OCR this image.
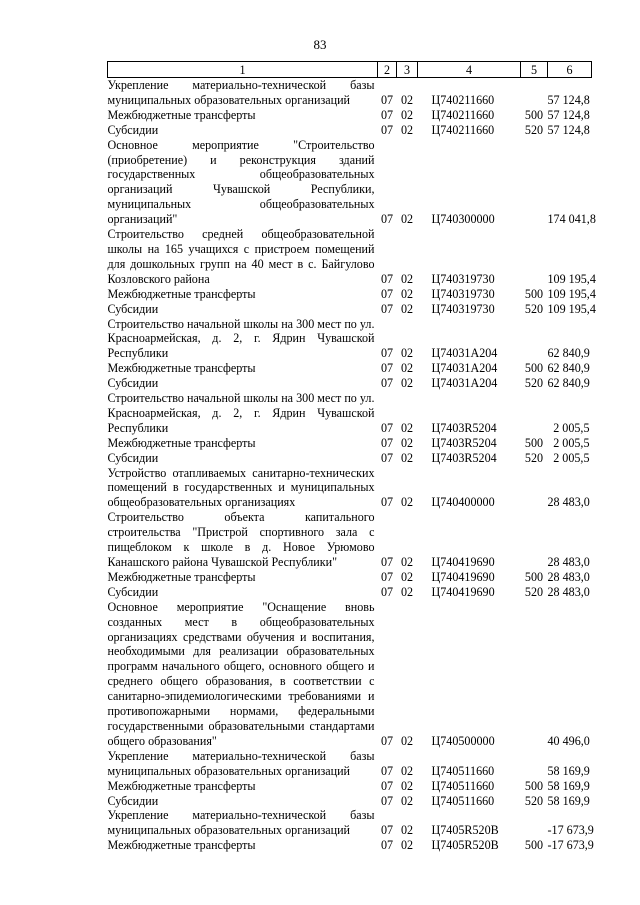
83
1	2	3	4	5	6
Укрепление материально-технической базы муниципальных образовательных организаций	07	02	Ц740211660		57 124,8
Межбюджетные трансферты	07	02	Ц740211660	500	57 124,8
Субсидии	07	02	Ц740211660	520	57 124,8
Основное мероприятие "Строительство (приобретение) и реконструкция зданий государственных общеобразовательных организаций Чувашской Республики, муниципальных общеобразовательных организаций"	07	02	Ц740300000		174 041,8
Строительство средней общеобразовательной школы на 165 учащихся с пристроем помещений для дошкольных групп на 40 мест в с. Байгулово Козловского района	07	02	Ц740319730		109 195,4
Межбюджетные трансферты	07	02	Ц740319730	500	109 195,4
Субсидии	07	02	Ц740319730	520	109 195,4
Строительство начальной школы на 300 мест по ул. Красноармейская, д. 2, г. Ядрин Чувашской Республики	07	02	Ц74031А204		62 840,9
Межбюджетные трансферты	07	02	Ц74031А204	500	62 840,9
Субсидии	07	02	Ц74031А204	520	62 840,9
Строительство начальной школы на 300 мест по ул. Красноармейская, д. 2, г. Ядрин Чувашской Республики	07	02	Ц7403R5204		2 005,5
Межбюджетные трансферты	07	02	Ц7403R5204	500	2 005,5
Субсидии	07	02	Ц7403R5204	520	2 005,5
Устройство отапливаемых санитарно-технических помещений в государственных и муниципальных общеобразовательных организациях	07	02	Ц740400000		28 483,0
Строительство объекта капитального строительства "Пристрой спортивного зала с пищеблоком к школе в д. Новое Урюмово Канашского района Чувашской Республики"	07	02	Ц740419690		28 483,0
Межбюджетные трансферты	07	02	Ц740419690	500	28 483,0
Субсидии	07	02	Ц740419690	520	28 483,0
Основное мероприятие "Оснащение вновь созданных мест в общеобразовательных организациях средствами обучения и воспитания, необходимыми для реализации образовательных программ начального общего, основного общего и среднего общего образования, в соответствии с санитарно-эпидемиологическими требованиями и противопожарными нормами, федеральными государственными образовательными стандартами общего образования"	07	02	Ц740500000		40 496,0
Укрепление материально-технической базы муниципальных образовательных организаций	07	02	Ц740511660		58 169,9
Межбюджетные трансферты	07	02	Ц740511660	500	58 169,9
Субсидии	07	02	Ц740511660	520	58 169,9
Укрепление материально-технической базы муниципальных образовательных организаций	07	02	Ц7405R520В		-17 673,9
Межбюджетные трансферты	07	02	Ц7405R520В	500	-17 673,9
